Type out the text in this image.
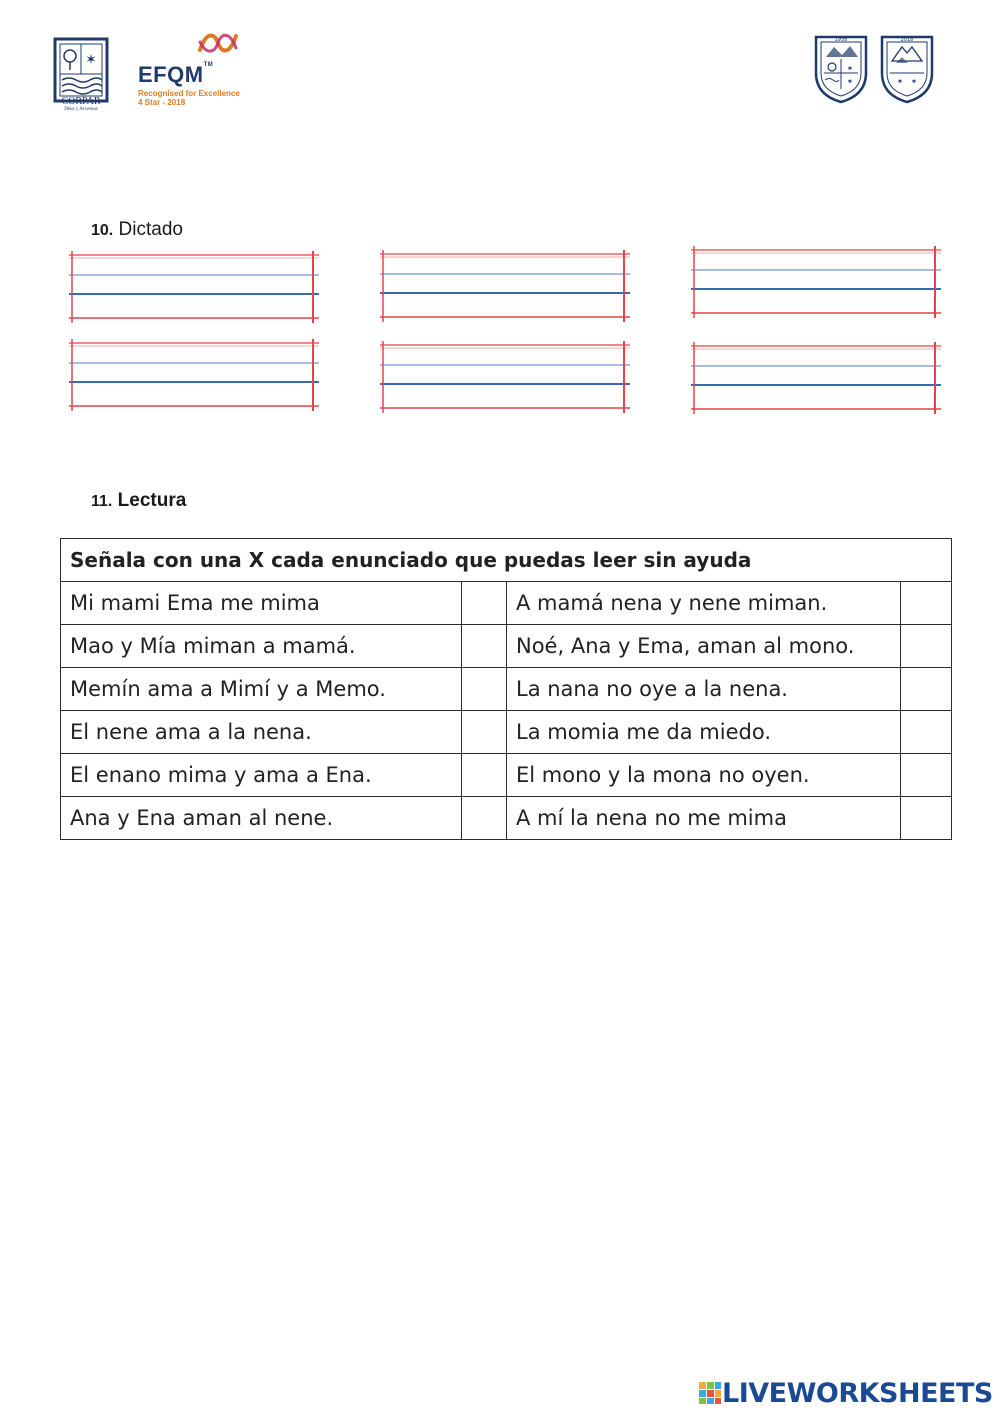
✶
CORPAR
Deus y Accessus
EFQM™
Recognised for Excellence
4 Star - 2018
1958
✶
✶
2018
✶ ✶
10. Dictado
11. Lectura
Señala con una X cada enunciado que puedas leer sin ayuda			
Mi mami Ema me mima		A mamá nena y nene miman.	
Mao y Mía miman a mamá.		Noé, Ana y Ema, aman al mono.	
Memín ama a Mimí y a Memo.		La nana no oye a la nena.	
El nene ama a la nena.		La momia me da miedo.	
El enano mima y ama a Ena.		El mono y la mona no oyen.	
Ana y Ena aman al nene.		A mí la nena no me mima	
LIVEWORKSHEETS
